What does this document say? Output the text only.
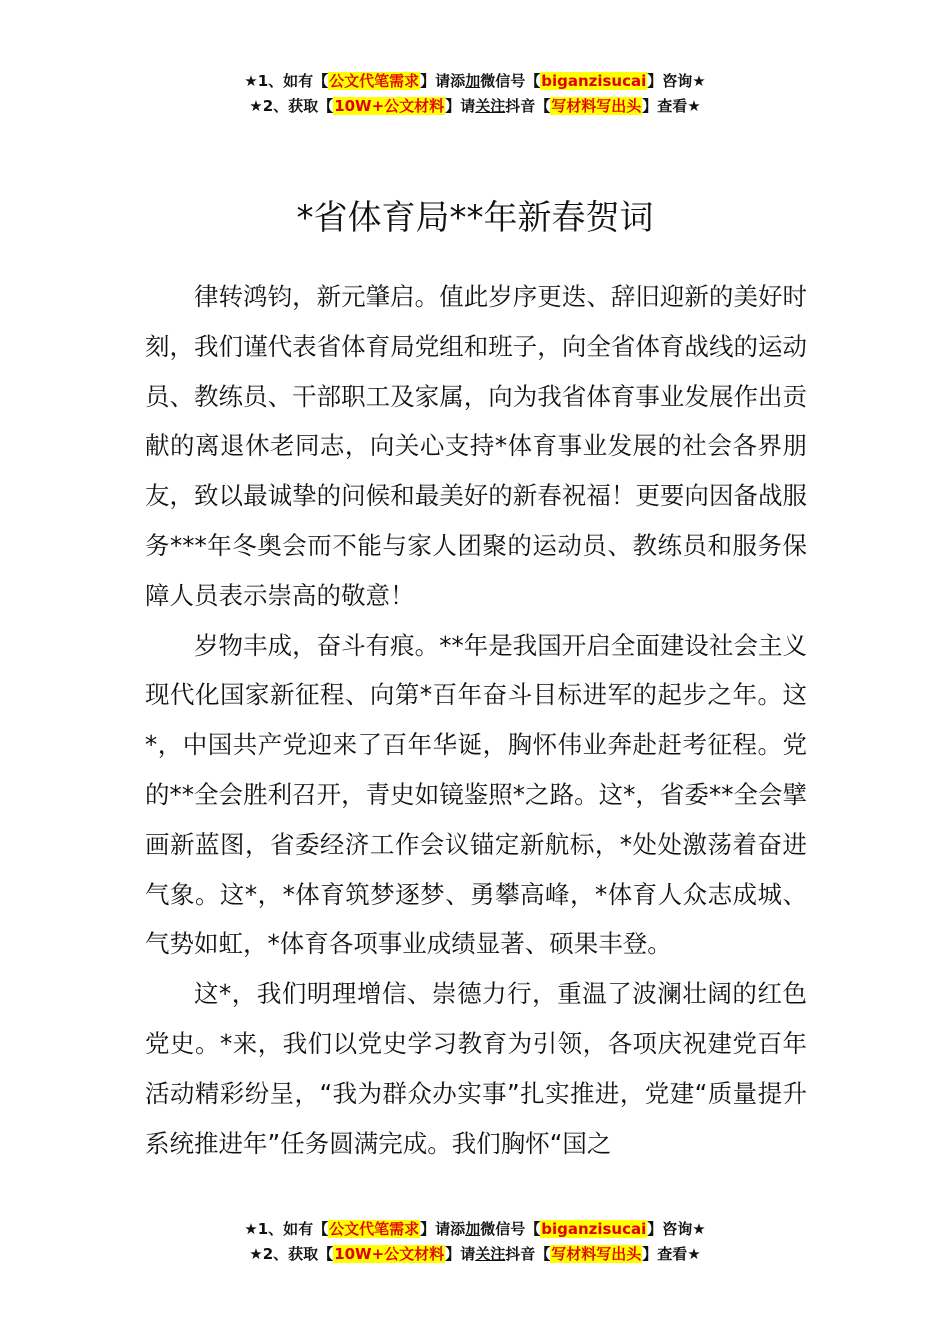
★1、如有【公文代笔需求】请添加微信号【biganzisucai】咨询★
★2、获取【10W+公文材料】请关注抖音【写材料写出头】查看★
*省体育局**年新春贺词

律转鸿钧，新元肇启。值此岁序更迭、辞旧迎新的美好时刻，我们谨代表省体育局党组和班子，向全省体育战线的运动员、教练员、干部职工及家属，向为我省体育事业发展作出贡献的离退休老同志，向关心支持*体育事业发展的社会各界朋友，致以最诚挚的问候和最美好的新春祝福！更要向因备战服务***年冬奥会而不能与家人团聚的运动员、教练员和服务保障人员表示崇高的敬意！

岁物丰成，奋斗有痕。**年是我国开启全面建设社会主义现代化国家新征程、向第*百年奋斗目标进军的起步之年。这*，中国共产党迎来了百年华诞，胸怀伟业奔赴赶考征程。党的**全会胜利召开，青史如镜鉴照*之路。这*，省委**全会擘画新蓝图，省委经济工作会议锚定新航标，*处处激荡着奋进气象。这*，*体育筑梦逐梦、勇攀高峰，*体育人众志成城、气势如虹，*体育各项事业成绩显著、硕果丰登。

这*，我们明理增信、崇德力行，重温了波澜壮阔的红色党史。*来，我们以党史学习教育为引领，各项庆祝建党百年活动精彩纷呈，“我为群众办实事”扎实推进，党建“质量提升系统推进年”任务圆满完成。我们胸怀“国之

★1、如有【公文代笔需求】请添加微信号【biganzisucai】咨询★
★2、获取【10W+公文材料】请关注抖音【写材料写出头】查看★
